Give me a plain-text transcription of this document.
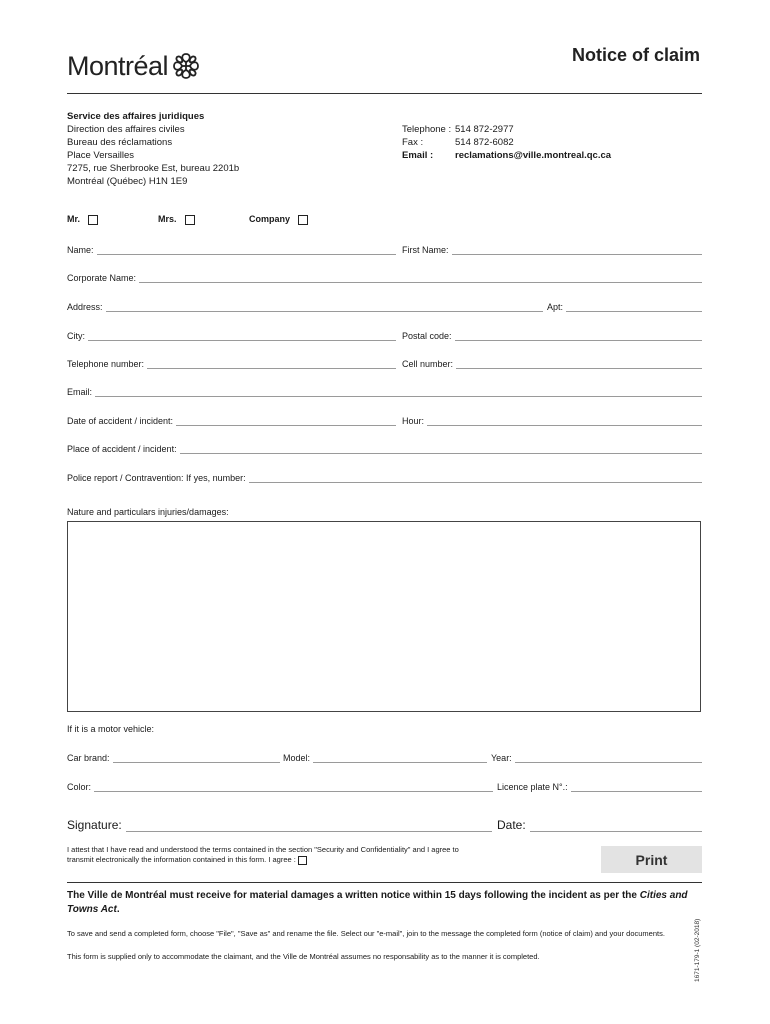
Montréal	Notice of claim
Service des affaires juridiques
Direction des affaires civiles
Bureau des réclamations
Place Versailles
7275, rue Sherbrooke Est, bureau 2201b
Montréal (Québec) H1N 1E9
Telephone : 514 872-2977
Fax :	514 872-6082
Email :	reclamations@ville.montreal.qc.ca
Mr.	Mrs.	Company
Name:	First Name:
Corporate Name:
Address:	Apt:
City:	Postal code:
Telephone number:	Cell number:
Email:
Date of accident / incident:	Hour:
Place of accident / incident:
Police report / Contravention: If yes, number:
Nature and particulars injuries/damages:
If it is a motor vehicle:
Car brand:	Model:	Year:
Color:	Licence plate N°.:
Signature:	Date:
I attest that I have read and understood the terms contained in the section "Security and Confidentiality" and I agree to
transmit electronically the information contained in this form. I agree :	Print
The Ville de Montréal must receive for material damages a written notice within 15 days following the incident as per the Cities and Towns Act.
To save and send a completed form, choose "File", "Save as" and rename the file. Select our "e-mail", join to the message the completed form (notice of claim) and your documents.
This form is supplied only to accommodate the claimant, and the Ville de Montréal assumes no responsability as to the manner it is completed.	1671-179-1 (02-2018)
